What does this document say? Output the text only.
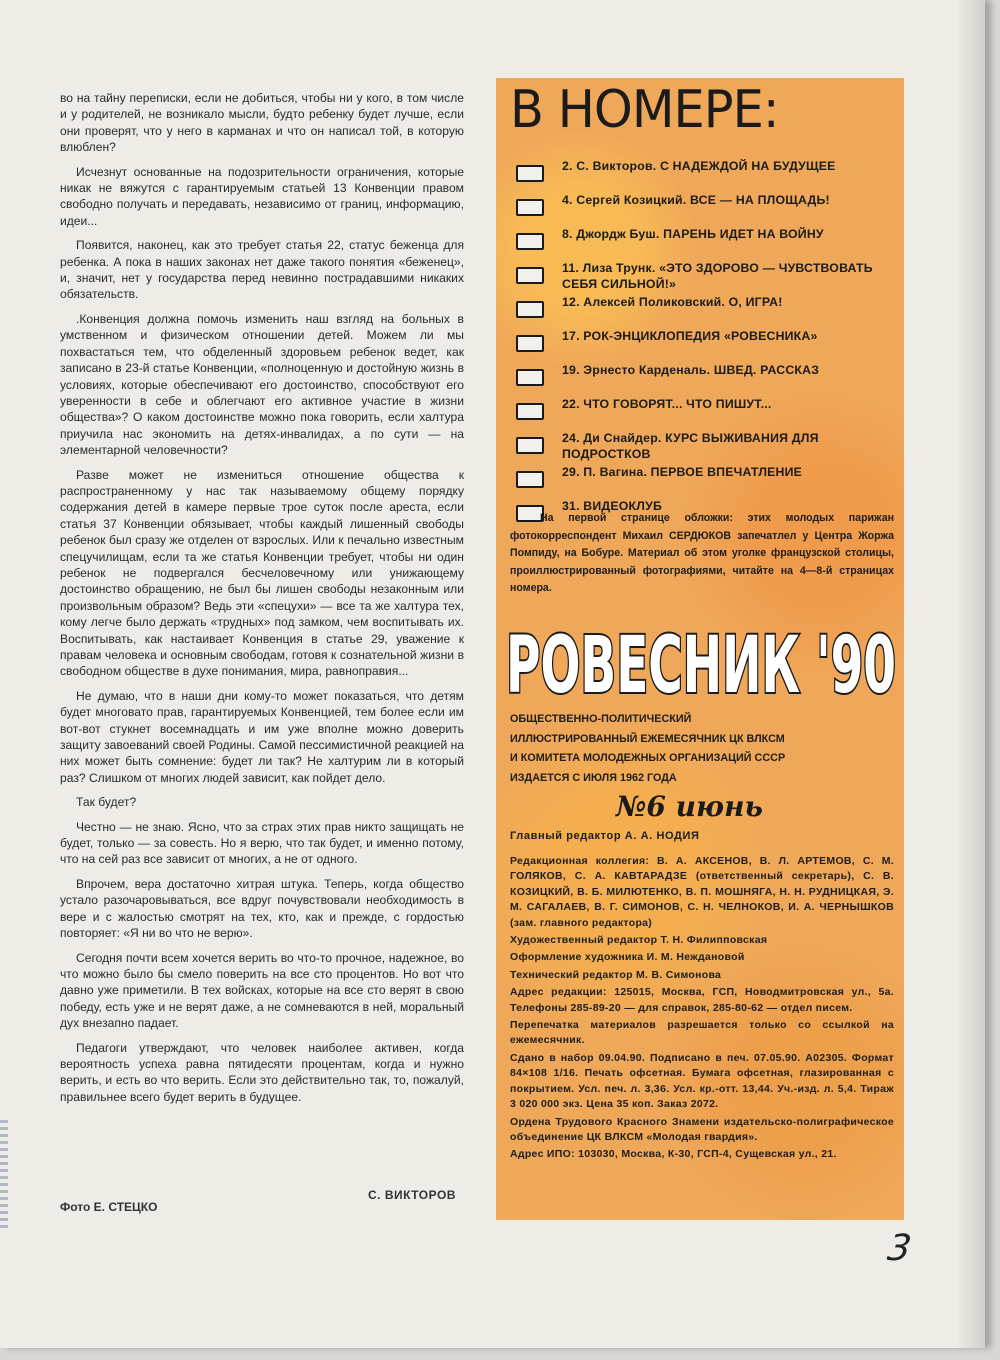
во на тайну переписки, если не добиться, чтобы ни у кого, в том числе и у родителей, не возникало мысли, будто ребенку будет лучше, если они проверят, что у него в карманах и что он написал той, в которую влюблен?

Исчезнут основанные на подозрительности ограничения, которые никак не вяжутся с гарантируемым статьей 13 Конвенции правом свободно получать и передавать, независимо от границ, информацию, идеи...

Появится, наконец, как это требует статья 22, статус беженца для ребенка. А пока в наших законах нет даже такого понятия «беженец», и, значит, нет у государства перед невинно пострадавшими никаких обязательств.

.Конвенция должна помочь изменить наш взгляд на больных в умственном и физическом отношении детей. Можем ли мы похвастаться тем, что обделенный здоровьем ребенок ведет, как записано в 23-й статье Конвенции, «полноценную и достойную жизнь в условиях, которые обеспечивают его достоинство, способствуют его уверенности в себе и облегчают его активное участие в жизни общества»? О каком достоинстве можно пока говорить, если халтура приучила нас экономить на детях-инвалидах, а по сути — на элементарной человечности?

Разве может не измениться отношение общества к распространенному у нас так называемому общему порядку содержания детей в камере первые трое суток после ареста, если статья 37 Конвенции обязывает, чтобы каждый лишенный свободы ребенок был сразу же отделен от взрослых. Или к печально известным спецучилищам, если та же статья Конвенции требует, чтобы ни один ребенок не подвергался бесчеловечному или унижающему достоинство обращению, не был бы лишен свободы незаконным или произвольным образом? Ведь эти «спецухи» — все та же халтура тех, кому легче было держать «трудных» под замком, чем воспитывать их. Воспитывать, как настаивает Конвенция в статье 29, уважение к правам человека и основным свободам, готовя к сознательной жизни в свободном обществе в духе понимания, мира, равноправия...

Не думаю, что в наши дни кому-то может показаться, что детям будет многовато прав, гарантируемых Конвенцией, тем более если им вот-вот стукнет восемнадцать и им уже вполне можно доверить защиту завоеваний своей Родины. Самой пессимистичной реакцией на них может быть сомнение: будет ли так? Не халтурим ли в который раз? Слишком от многих людей зависит, как пойдет дело.

Так будет?

Честно — не знаю. Ясно, что за страх этих прав никто защищать не будет, только — за совесть. Но я верю, что так будет, и именно потому, что на сей раз все зависит от многих, а не от одного.

Впрочем, вера достаточно хитрая штука. Теперь, когда общество устало разочаровываться, все вдруг почувствовали необходимость в вере и с жалостью смотрят на тех, кто, как и прежде, с гордостью повторяет: «Я ни во что не верю».

Сегодня почти всем хочется верить во что-то прочное, надежное, во что можно было бы смело поверить на все сто процентов. Но вот что давно уже приметили. В тех войсках, которые на все сто верят в свою победу, есть уже и не верят даже, а не сомневаются в ней, моральный дух внезапно падает.

Педагоги утверждают, что человек наиболее активен, когда вероятность успеха равна пятидесяти процентам, когда и нужно верить, и есть во что верить. Если это действительно так, то, пожалуй, правильнее всего будет верить в будущее.

С. ВИКТОРОВ
Фото Е. СТЕЦКО
В НОМЕРЕ:
2. С. Викторов. С НАДЕЖДОЙ НА БУДУЩЕЕ
4. Сергей Козицкий. ВСЕ — НА ПЛОЩАДЬ!
8. Джордж Буш. ПАРЕНЬ ИДЕТ НА ВОЙНУ
11. Лиза Трунк. «ЭТО ЗДОРОВО — ЧУВСТВОВАТЬ СЕБЯ СИЛЬНОЙ!»
12. Алексей Поликовский. О, ИГРА!
17. РОК-ЭНЦИКЛОПЕДИЯ «РОВЕСНИКА»
19. Эрнесто Карденаль. ШВЕД. РАССКАЗ
22. ЧТО ГОВОРЯТ... ЧТО ПИШУТ...
24. Ди Снайдер. КУРС ВЫЖИВАНИЯ ДЛЯ ПОДРОСТКОВ
29. П. Вагина. ПЕРВОЕ ВПЕЧАТЛЕНИЕ
31. ВИДЕОКЛУБ
На первой странице обложки: этих молодых парижан фотокорреспондент Михаил СЕРДЮКОВ запечатлел у Центра Жоржа Помпиду, на Бобуре. Материал об этом уголке французской столицы, проиллюстрированный фотографиями, читайте на 4—8-й страницах номера.
РОВЕСНИК '90
ОБЩЕСТВЕННО-ПОЛИТИЧЕСКИЙ
ИЛЛЮСТРИРОВАННЫЙ ЕЖЕМЕСЯЧНИК ЦК ВЛКСМ
И КОМИТЕТА МОЛОДЕЖНЫХ ОРГАНИЗАЦИЙ СССР
ИЗДАЕТСЯ С ИЮЛЯ 1962 ГОДА
№6 июнь
Главный редактор А. А. НОДИЯ

Редакционная коллегия: В. А. АКСЕНОВ, В. Л. АРТЕМОВ, С. М. ГОЛЯКОВ, С. А. КАВТАРАДЗЕ (ответственный секретарь), С. В. КОЗИЦКИЙ, В. Б. МИЛЮТЕНКО, В. П. МОШНЯГА, Н. Н. РУДНИЦКАЯ, Э. М. САГАЛАЕВ, В. Г. СИМОНОВ, С. Н. ЧЕЛНОКОВ, И. А. ЧЕРНЫШКОВ (зам. главного редактора)

Художественный редактор Т. Н. Филипповская

Оформление художника И. М. Неждановой

Технический редактор М. В. Симонова

Адрес редакции: 125015, Москва, ГСП, Новодмитровская ул., 5а. Телефоны 285-89-20 — для справок, 285-80-62 — отдел писем.

Перепечатка материалов разрешается только со ссылкой на ежемесячник.

Сдано в набор 09.04.90. Подписано в печ. 07.05.90. А02305. Формат 84×108 1/16. Печать офсетная. Бумага офсетная, глазированная с покрытием. Усл. печ. л. 3,36. Усл. кр.-отт. 13,44. Уч.-изд. л. 5,4. Тираж 3 020 000 экз. Цена 35 коп. Заказ 2072.

Ордена Трудового Красного Знамени издательско-полиграфическое объединение ЦК ВЛКСМ «Молодая гвардия».

Адрес ИПО: 103030, Москва, К-30, ГСП-4, Сущевская ул., 21.

3
